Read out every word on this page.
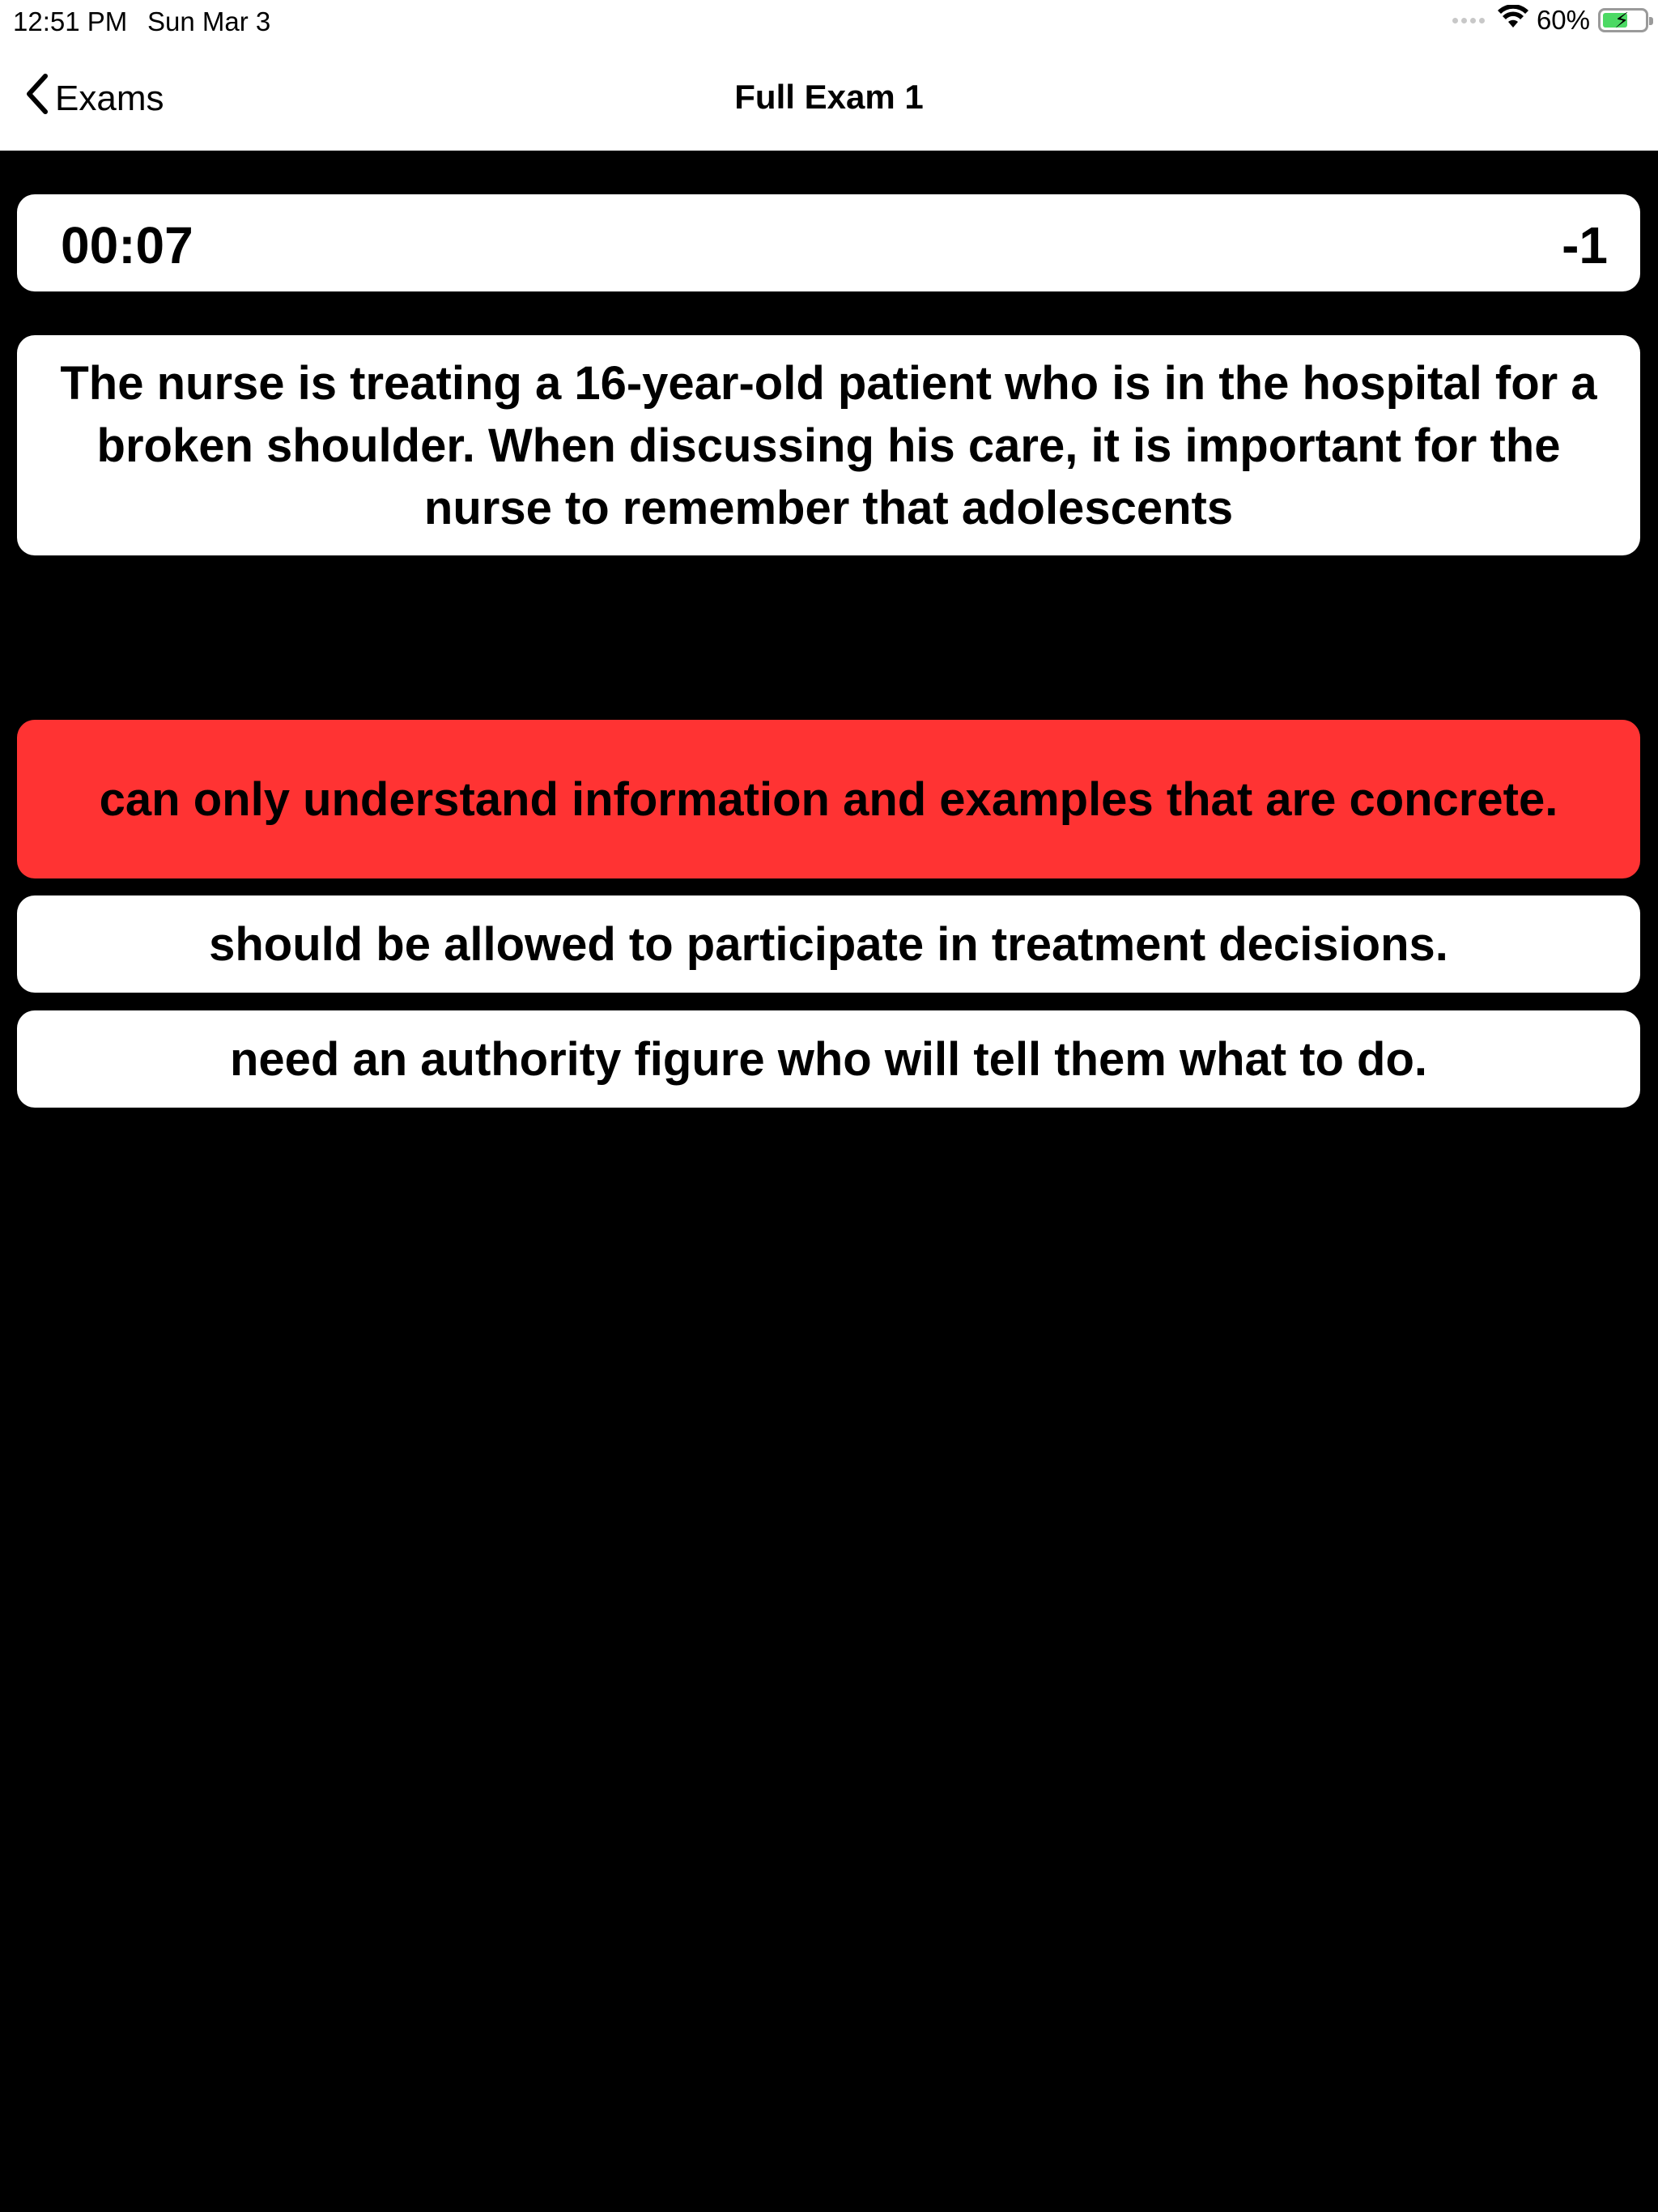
12:51 PM Sun Mar 3	60% ⚡
Exams	Full Exam 1
00:07	-1
The nurse is treating a 16-year-old patient who is in the hospital for a broken shoulder. When discussing his care, it is important for the nurse to remember that adolescents
can only understand information and examples that are concrete.
should be allowed to participate in treatment decisions.
need an authority figure who will tell them what to do.
